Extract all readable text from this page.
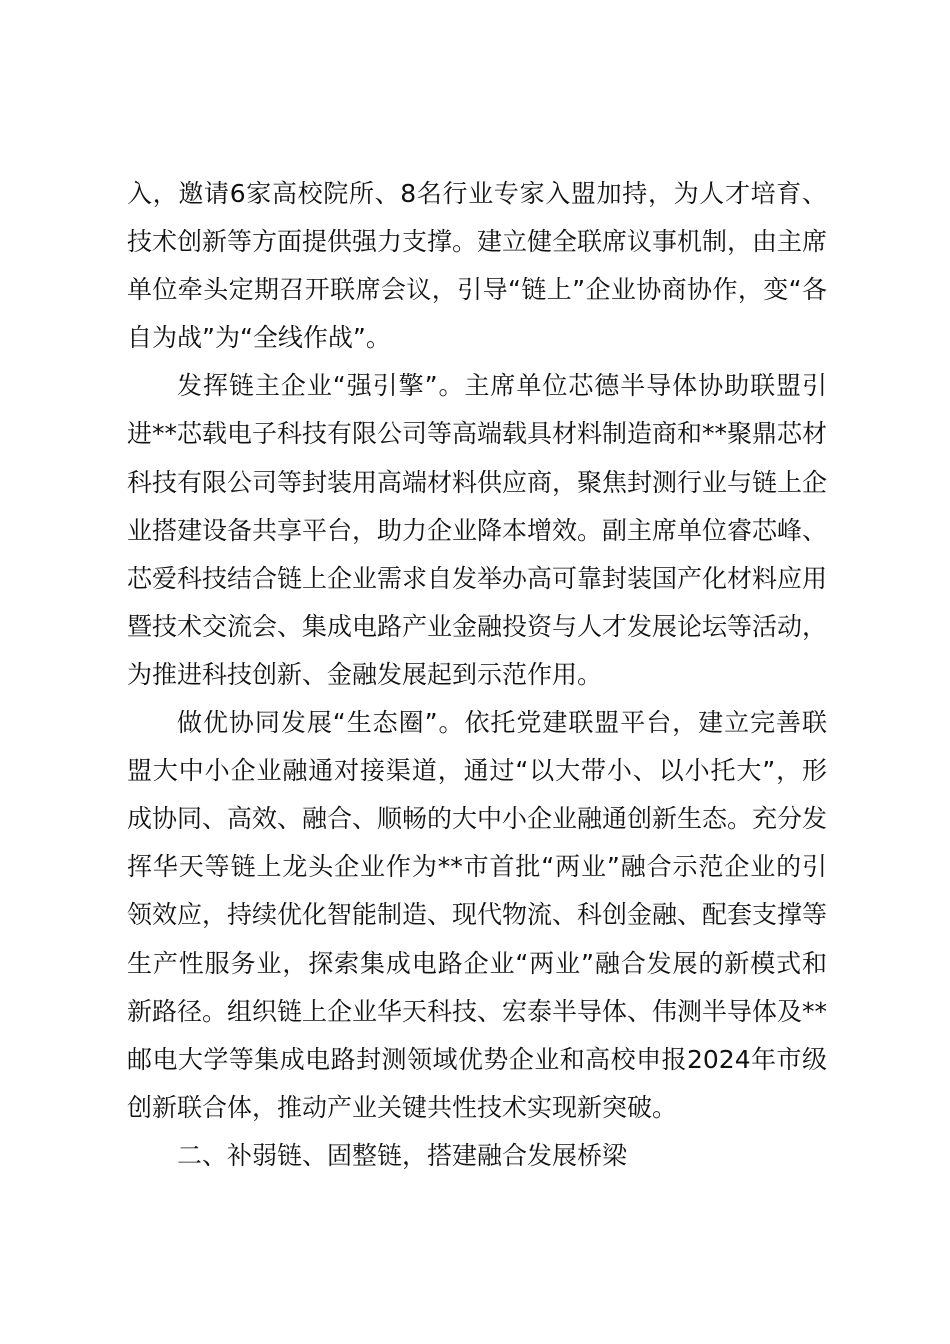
入，邀请6家高校院所、8名行业专家入盟加持，为人才培育、技术创新等方面提供强力支撑。建立健全联席议事机制，由主席单位牵头定期召开联席会议，引导“链上”企业协商协作，变“各自为战”为“全线作战”。

发挥链主企业“强引擎”。主席单位芯德半导体协助联盟引进**芯载电子科技有限公司等高端载具材料制造商和**聚鼎芯材科技有限公司等封装用高端材料供应商，聚焦封测行业与链上企业搭建设备共享平台，助力企业降本增效。副主席单位睿芯峰、芯爱科技结合链上企业需求自发举办高可靠封装国产化材料应用暨技术交流会、集成电路产业金融投资与人才发展论坛等活动，为推进科技创新、金融发展起到示范作用。

做优协同发展“生态圈”。依托党建联盟平台，建立完善联盟大中小企业融通对接渠道，通过“以大带小、以小托大”，形成协同、高效、融合、顺畅的大中小企业融通创新生态。充分发挥华天等链上龙头企业作为**市首批“两业”融合示范企业的引领效应，持续优化智能制造、现代物流、科创金融、配套支撑等生产性服务业，探索集成电路企业“两业”融合发展的新模式和新路径。组织链上企业华天科技、宏泰半导体、伟测半导体及**邮电大学等集成电路封测领域优势企业和高校申报2024年市级创新联合体，推动产业关键共性技术实现新突破。

二、补弱链、固整链，搭建融合发展桥梁
